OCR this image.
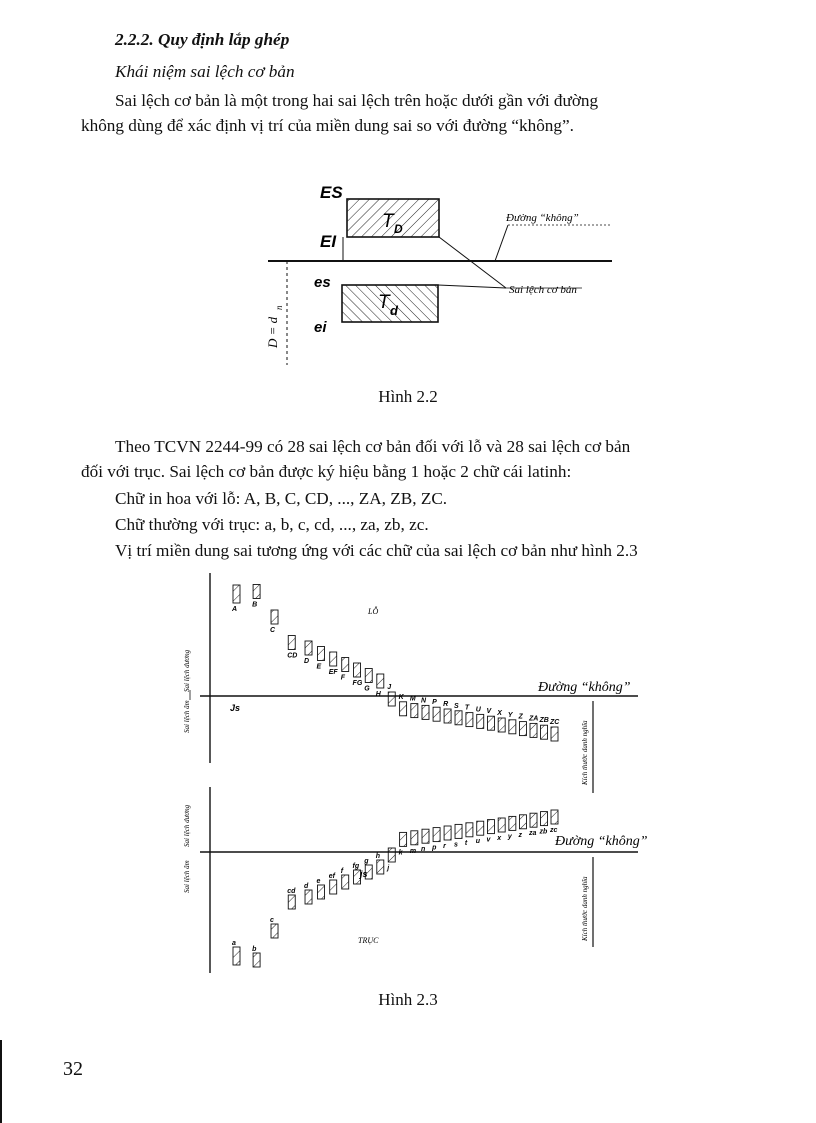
2.2.2. Quy định lắp ghép
Khái niệm sai lệch cơ bản
Sai lệch cơ bản là một trong hai sai lệch trên hoặc dưới gần với đường
không dùng để xác định vị trí của miền dung sai so với đường “không”.
ES
EI
es
ei
T D
T d
Đường “không”
Sai lệch cơ bản
D = d
n
Hình 2.2
Theo TCVN 2244-99 có 28 sai lệch cơ bản đối với lỗ và 28 sai lệch cơ bản
đối với trục. Sai lệch cơ bản được ký hiệu bằng 1 hoặc 2 chữ cái latinh:
Chữ in hoa với lỗ: A, B, C, CD, ..., ZA, ZB, ZC.
Chữ thường với trục: a, b, c, cd, ..., za, zb, zc.
Vị trí miền dung sai tương ứng với các chữ của sai lệch cơ bản như hình 2.3
LỖ
Đường “không”
Sai lệch dương
Sai lệch âm
Kích thước danh nghĩa
A
B
C
CD
D
E
EF
F
FG
G
H
J
K M N P R S T U V X Y Z ZA ZB ZC
Js
Đường “không”
Sai lệch dương
Sai lệch âm	Kích thước danh nghĩa
a
b
c
cd
d
e
ef
f
fg
g
h
j
k m n p r s t u v x y z za zb zc
js
TRỤC
Hình 2.3
32
